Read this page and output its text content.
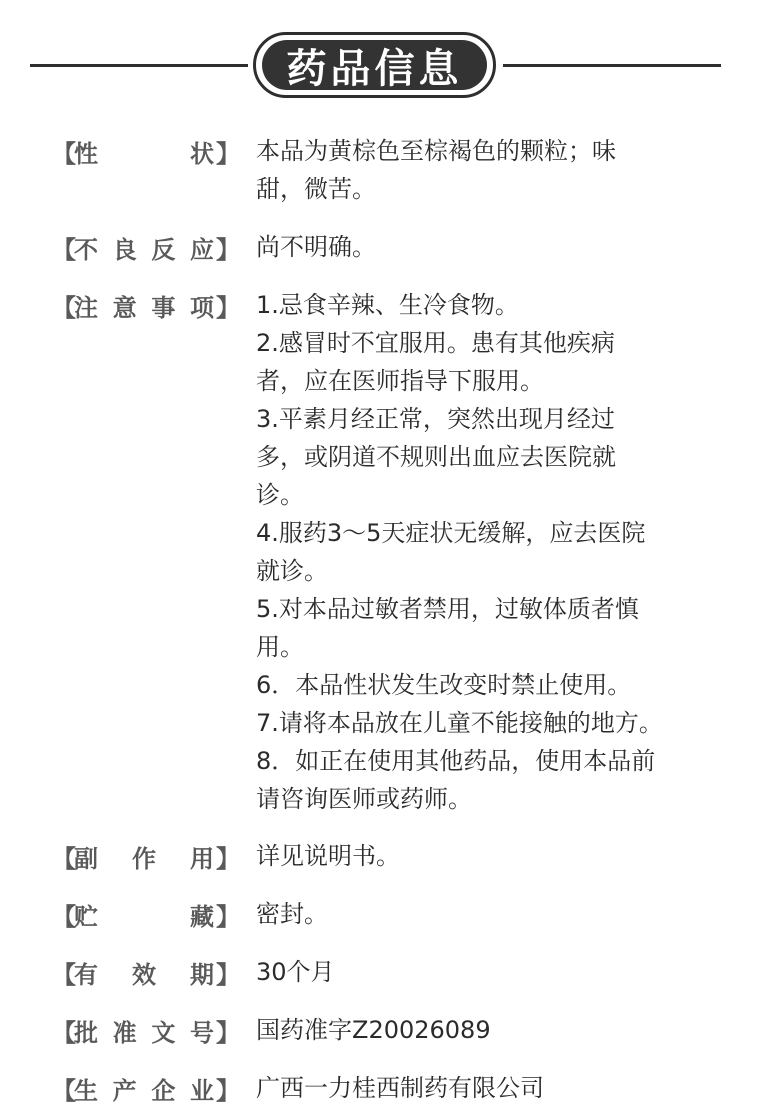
药品信息
【
性	状 】 本品为黄棕色至棕褐色的颗粒；味
甜，微苦。
【
不 良 反 应 】 尚不明确。
【
注 意 事 项 】 1.忌食辛辣、生冷食物。
2.感冒时不宜服用。患有其他疾病
者，应在医师指导下服用。
3.平素月经正常，突然出现月经过
多，或阴道不规则出血应去医院就
诊。
4.服药3～5天症状无缓解，应去医院
就诊。
5.对本品过敏者禁用，过敏体质者慎
用。
6．本品性状发生改变时禁止使用。
7.请将本品放在儿童不能接触的地方。
8．如正在使用其他药品，使用本品前
请咨询医师或药师。
【
副 作 用 】 详见说明书。
【
贮	藏 】 密封。
【
有 效 期 】 30个月
【
批 准 文 号 】 国药准字Z20026089
【
生 产 企 业 】 广西一力桂西制药有限公司
